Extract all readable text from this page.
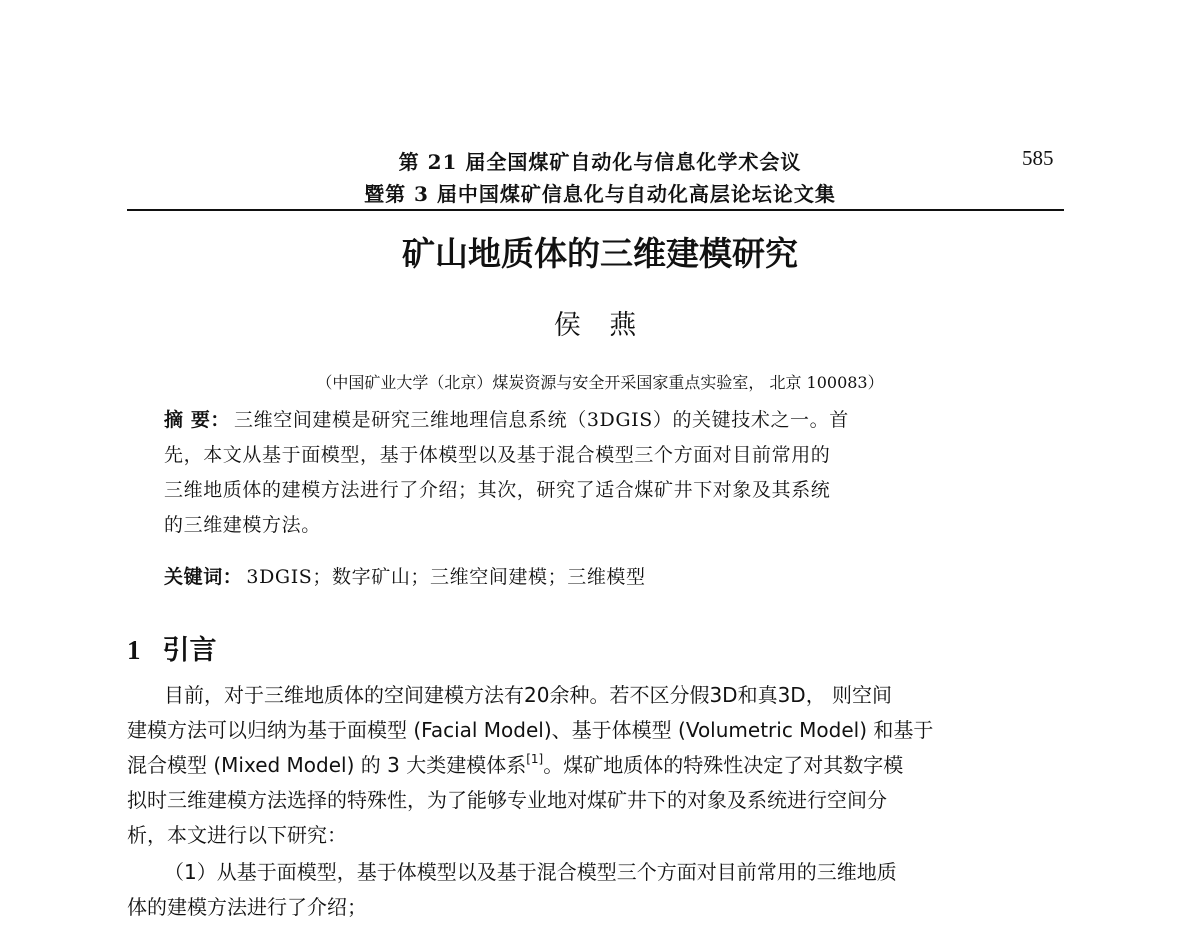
第 21 届全国煤矿自动化与信息化学术会议
暨第 3 届中国煤矿信息化与自动化高层论坛论文集
585
矿山地质体的三维建模研究
侯 燕
（中国矿业大学（北京）煤炭资源与安全开采国家重点实验室， 北京 100083）
摘 要： 三维空间建模是研究三维地理信息系统（3DGIS）的关键技术之一。首
先，本文从基于面模型，基于体模型以及基于混合模型三个方面对目前常用的
三维地质体的建模方法进行了介绍；其次，研究了适合煤矿井下对象及其系统
的三维建模方法。
关键词： 3DGIS；数字矿山；三维空间建模；三维模型
1 引言
目前，对于三维地质体的空间建模方法有20余种。若不区分假3D和真3D， 则空间
建模方法可以归纳为基于面模型 (Facial Model)、基于体模型 (Volumetric Model) 和基于
混合模型 (Mixed Model) 的 3 大类建模体系[1]。煤矿地质体的特殊性决定了对其数字模
拟时三维建模方法选择的特殊性，为了能够专业地对煤矿井下的对象及系统进行空间分
析，本文进行以下研究：
（1）从基于面模型，基于体模型以及基于混合模型三个方面对目前常用的三维地质
体的建模方法进行了介绍；
